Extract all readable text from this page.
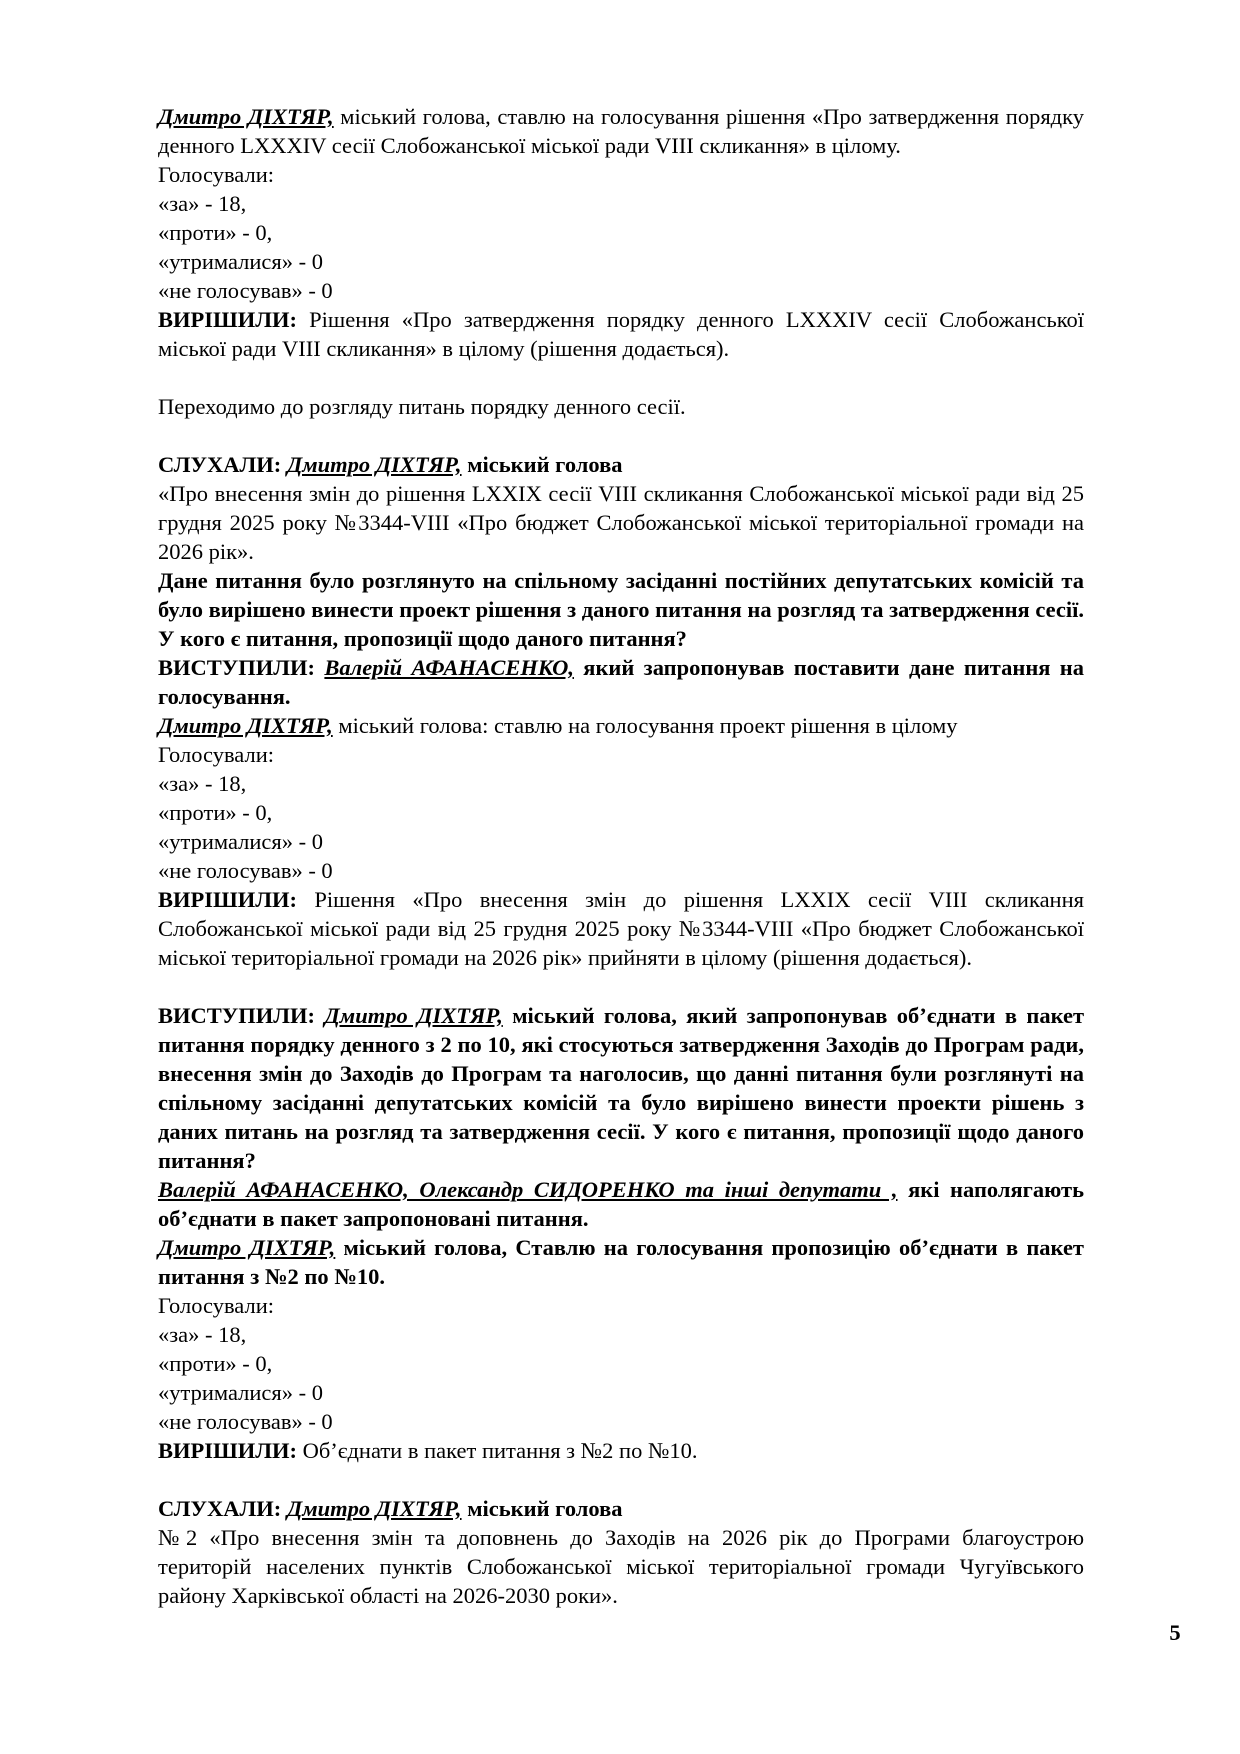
Дмитро ДІХТЯР, міський голова, ставлю на голосування рішення «Про затвердження порядку денного LXXXIV сесії Слобожанської міської ради VIII скликання» в цілому.

Голосували:

«за» - 18,

«проти» - 0,

«утрималися» - 0

«не голосував» - 0

ВИРІШИЛИ: Рішення «Про затвердження порядку денного LXXXIV сесії Слобожанської міської ради VIII скликання» в цілому (рішення додається).

Переходимо до розгляду питань порядку денного сесії.

СЛУХАЛИ: Дмитро ДІХТЯР, міський голова

«Про внесення змін до рішення LXXIX сесії VIII скликання Слобожанської міської ради від 25 грудня 2025 року №3344-VIII «Про бюджет Слобожанської міської територіальної громади на 2026 рік».

Дане питання було розглянуто на спільному засіданні постійних депутатських комісій та було вирішено винести проект рішення з даного питання на розгляд та затвердження сесії. У кого є питання, пропозиції щодо даного питання?

ВИСТУПИЛИ: Валерій АФАНАСЕНКО, який запропонував поставити дане питання на голосування.

Дмитро ДІХТЯР, міський голова: ставлю на голосування проект рішення в цілому

Голосували:

«за» - 18,

«проти» - 0,

«утрималися» - 0

«не голосував» - 0

ВИРІШИЛИ: Рішення «Про внесення змін до рішення LXXIX сесії VIII скликання Слобожанської міської ради від 25 грудня 2025 року №3344-VIII «Про бюджет Слобожанської міської територіальної громади на 2026 рік» прийняти в цілому (рішення додається).

ВИСТУПИЛИ: Дмитро ДІХТЯР, міський голова, який запропонував об’єднати в пакет питання порядку денного з 2 по 10, які стосуються затвердження Заходів до Програм ради, внесення змін до Заходів до Програм та наголосив, що данні питання були розглянуті на спільному засіданні депутатських комісій та було вирішено винести проекти рішень з даних питань на розгляд та затвердження сесії. У кого є питання, пропозиції щодо даного питання?

Валерій АФАНАСЕНКО, Олександр СИДОРЕНКО та інші депутати , які наполягають об’єднати в пакет запропоновані питання.

Дмитро ДІХТЯР, міський голова, Ставлю на голосування пропозицію об’єднати в пакет питання з №2 по №10.

Голосували:

«за» - 18,

«проти» - 0,

«утрималися» - 0

«не голосував» - 0

ВИРІШИЛИ: Об’єднати в пакет питання з №2 по №10.

СЛУХАЛИ: Дмитро ДІХТЯР, міський голова

№2 «Про внесення змін та доповнень до Заходів на 2026 рік до Програми благоустрою територій населених пунктів Слобожанської міської територіальної громади Чугуївського району Харківської області на 2026-2030 роки».

5
